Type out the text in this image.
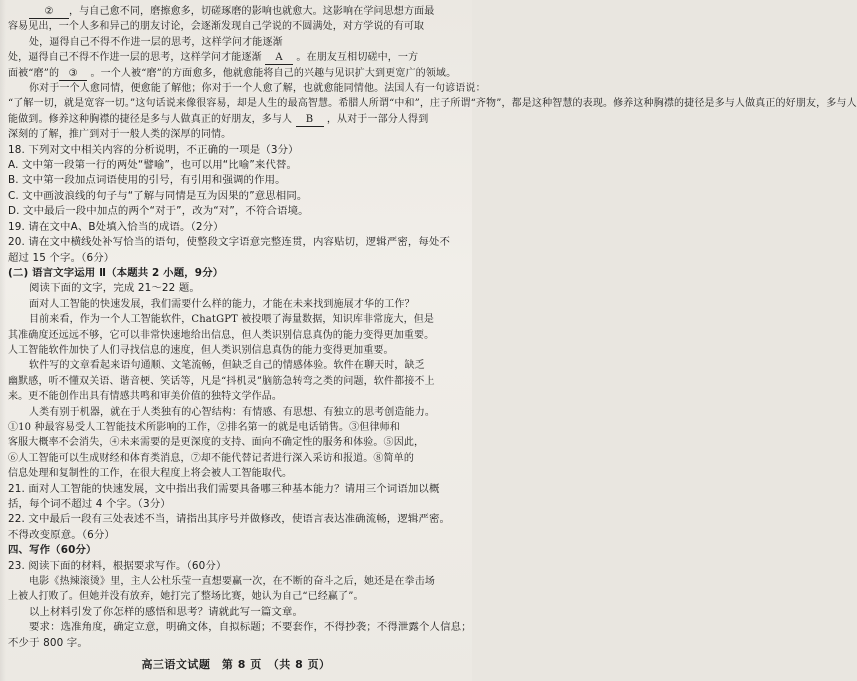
② ，与自己愈不同，磨擦愈多，切磋琢磨的影响也就愈大。这影响在学问思想方面最
容易见出，一个人多和异己的朋友讨论，会逐渐发现自己学说的不圆满处，对方学说的有可取
处，逼得自己不得不作进一层的思考，这样学问才能逐渐
处，逼得自己不得不作进一层的思考，这样学问才能逐渐 A 。在朋友互相切磋中，一方
面被“磨”的 ③ 。一个人被“磨”的方面愈多，他就愈能将自己的兴趣与见识扩大到更宽广的领域。
你对于一个人愈同情，便愈能了解他；你对于一个人愈了解，也就愈能同情他。法国人有一句谚语说：
“了解一切，就是宽容一切。”这句话说来像很容易，却是人生的最高智慧。希腊人所谓“中和”，庄子所谓“齐物”，都是这种智慧的表现。修养这种胸襟的捷径是多与人做真正的好朋友，多与人
能做到。修养这种胸襟的捷径是多与人做真正的好朋友，多与人 B ，从对于一部分人得到
深刻的了解，推广到对于一般人类的深厚的同情。
18. 下列对文中相关内容的分析说明，不正确的一项是（3分）
A. 文中第一段第一行的两处“譬喻”，也可以用“比喻”来代替。
B. 文中第一段加点词语使用的引号，有引用和强调的作用。
C. 文中画波浪线的句子与“了解与同情是互为因果的”意思相同。
D. 文中最后一段中加点的两个“对于”，改为“对”，不符合语境。
19. 请在文中A、B处填入恰当的成语。（2分）
20. 请在文中横线处补写恰当的语句，使整段文字语意完整连贯，内容贴切，逻辑严密，每处不
超过 15 个字。（6分）
(二) 语言文字运用 Ⅱ（本题共 2 小题，9分）
阅读下面的文字，完成 21～22 题。
面对人工智能的快速发展，我们需要什么样的能力，才能在未来找到施展才华的工作？
目前来看，作为一个人工智能软件，ChatGPT 被投喂了海量数据，知识库非常庞大，但是
其准确度还远远不够，它可以非常快速地给出信息，但人类识别信息真伪的能力变得更加重要。
人工智能软件加快了人们寻找信息的速度，但人类识别信息真伪的能力变得更加重要。
软件写的文章看起来语句通顺、文笔流畅，但缺乏自己的情感体验。软件在聊天时，缺乏
幽默感，听不懂双关语、谐音梗、笑话等，凡是“抖机灵”脑筋急转弯之类的问题，软件都接不上
来。更不能创作出具有情感共鸣和审美价值的独特文学作品。
人类有别于机器，就在于人类独有的心智结构：有情感、有思想、有独立的思考创造能力。
①10 种最容易受人工智能技术所影响的工作，②排名第一的就是电话销售。③但律师和
客服大概率不会消失，④未来需要的是更深度的支持、面向不确定性的服务和体验。⑤因此，
⑥人工智能可以生成财经和体育类消息，⑦却不能代替记者进行深入采访和报道。⑧简单的
信息处理和复制性的工作，在很大程度上将会被人工智能取代。
21. 面对人工智能的快速发展，文中指出我们需要具备哪三种基本能力？请用三个词语加以概
括，每个词不超过 4 个字。（3分）
22. 文中最后一段有三处表述不当，请指出其序号并做修改，使语言表达准确流畅，逻辑严密。
不得改变原意。（6分）
四、写作（60分）
23. 阅读下面的材料，根据要求写作。（60分）
电影《热辣滚烫》里，主人公杜乐莹一直想要赢一次，在不断的奋斗之后，她还是在拳击场
上被人打败了。但她并没有放弃，她打完了整场比赛，她认为自己“已经赢了”。
以上材料引发了你怎样的感悟和思考？请就此写一篇文章。
要求：选准角度，确定立意，明确文体，自拟标题；不要套作，不得抄袭；不得泄露个人信息；
不少于 800 字。
高三语文试题　第 8 页　（共 8 页）
